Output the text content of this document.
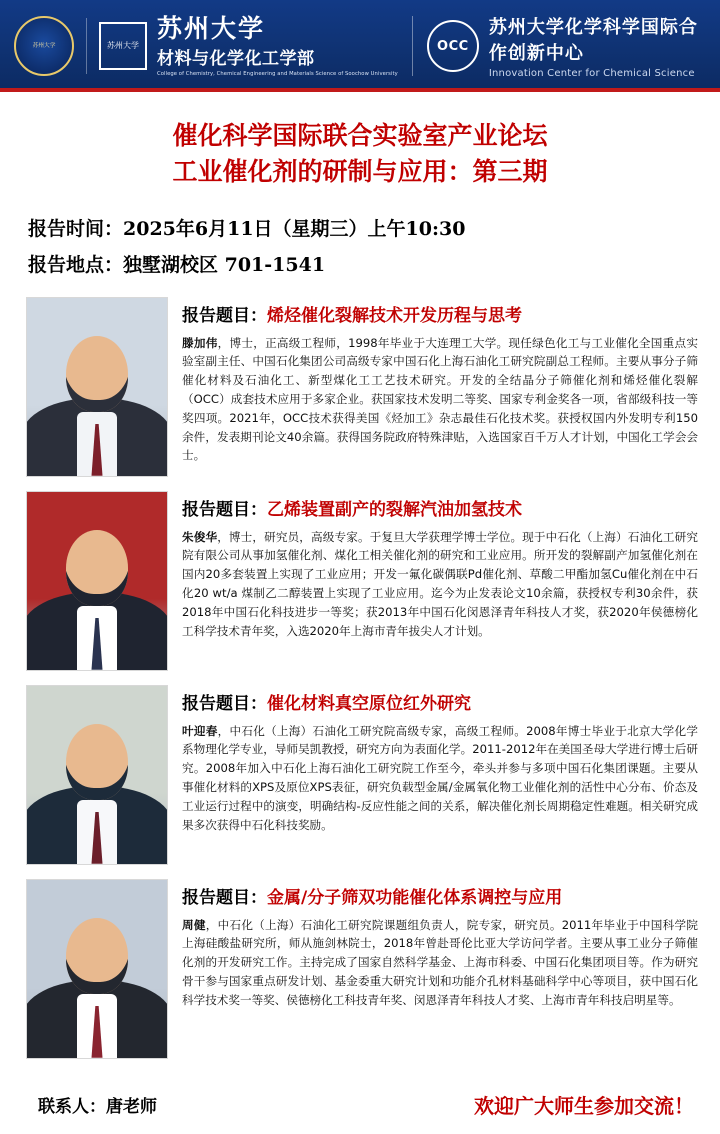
苏州大学	苏州大学
苏州大学
材料与化学化工学部
College of Chemistry, Chemical Engineering and Materials Science of Soochow University
OCC
苏州大学化学科学国际合作创新中心
Innovation Center for Chemical Science
催化科学国际联合实验室产业论坛
工业催化剂的研制与应用：第三期
报告时间：2025年6月11日（星期三）上午10:30
报告地点：独墅湖校区 701-1541
报告题目：烯烃催化裂解技术开发历程与思考
滕加伟，博士，正高级工程师，1998年毕业于大连理工大学。现任绿色化工与工业催化全国重点实验室副主任、中国石化集团公司高级专家中国石化上海石油化工研究院副总工程师。主要从事分子筛催化材料及石油化工、新型煤化工工艺技术研究。开发的全结晶分子筛催化剂和烯烃催化裂解（OCC）成套技术应用于多家企业。获国家技术发明二等奖、国家专利金奖各一项，省部级科技一等奖四项。2021年，OCC技术获得美国《烃加工》杂志最佳石化技术奖。获授权国内外发明专利150余件，发表期刊论文40余篇。获得国务院政府特殊津贴，入选国家百千万人才计划，中国化工学会会士。
报告题目：乙烯装置副产的裂解汽油加氢技术
朱俊华，博士，研究员，高级专家。于复旦大学获理学博士学位。现于中石化（上海）石油化工研究院有限公司从事加氢催化剂、煤化工相关催化剂的研究和工业应用。所开发的裂解副产加氢催化剂在国内20多套装置上实现了工业应用；开发一氟化碳偶联Pd催化剂、草酸二甲酯加氢Cu催化剂在中石化20 wt/a 煤制乙二醇装置上实现了工业应用。迄今为止发表论文10余篇，获授权专利30余件，获2018年中国石化科技进步一等奖；获2013年中国石化闵恩泽青年科技人才奖，获2020年侯德榜化工科学技术青年奖，入选2020年上海市青年拔尖人才计划。
报告题目：催化材料真空原位红外研究
叶迎春，中石化（上海）石油化工研究院高级专家，高级工程师。2008年博士毕业于北京大学化学系物理化学专业，导师吴凯教授，研究方向为表面化学。2011-2012年在美国圣母大学进行博士后研究。2008年加入中石化上海石油化工研究院工作至今，牵头并参与多项中国石化集团课题。主要从事催化材料的XPS及原位XPS表征，研究负载型金属/金属氧化物工业催化剂的活性中心分布、价态及工业运行过程中的演变，明确结构-反应性能之间的关系，解决催化剂长周期稳定性难题。相关研究成果多次获得中石化科技奖励。
报告题目：金属/分子筛双功能催化体系调控与应用
周健，中石化（上海）石油化工研究院课题组负责人，院专家，研究员。2011年毕业于中国科学院上海硅酸盐研究所，师从施剑林院士，2018年曾赴哥伦比亚大学访问学者。主要从事工业分子筛催化剂的开发研究工作。主持完成了国家自然科学基金、上海市科委、中国石化集团项目等。作为研究骨干参与国家重点研发计划、基金委重大研究计划和功能介孔材料基础科学中心等项目，获中国石化科学技术奖一等奖、侯德榜化工科技青年奖、闵恩泽青年科技人才奖、上海市青年科技启明星等。
联系人：唐老师	欢迎广大师生参加交流！
